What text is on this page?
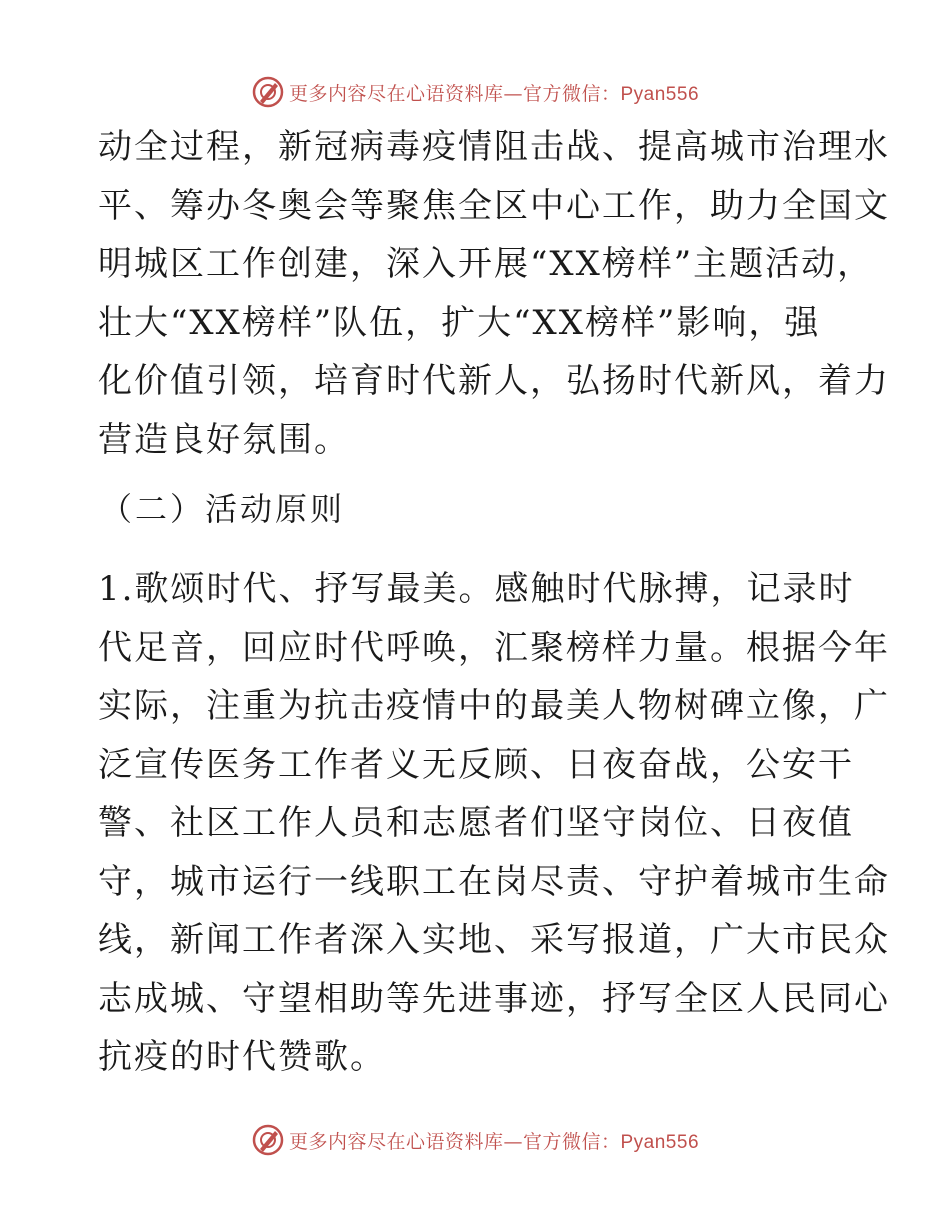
更多内容尽在心语资料库—官方微信：Pyan556
动全过程，新冠病毒疫情阻击战、提高城市治理水
平、筹办冬奥会等聚焦全区中心工作，助力全国文
明城区工作创建，深入开展“XX榜样”主题活动，
壮大“XX榜样”队伍，扩大“XX榜样”影响，强
化价值引领，培育时代新人，弘扬时代新风，着力
营造良好氛围。
（二）活动原则
1.歌颂时代、抒写最美。感触时代脉搏，记录时
代足音，回应时代呼唤，汇聚榜样力量。根据今年
实际，注重为抗击疫情中的最美人物树碑立像，广
泛宣传医务工作者义无反顾、日夜奋战，公安干
警、社区工作人员和志愿者们坚守岗位、日夜值
守，城市运行一线职工在岗尽责、守护着城市生命
线，新闻工作者深入实地、采写报道，广大市民众
志成城、守望相助等先进事迹，抒写全区人民同心
抗疫的时代赞歌。
更多内容尽在心语资料库—官方微信：Pyan556
